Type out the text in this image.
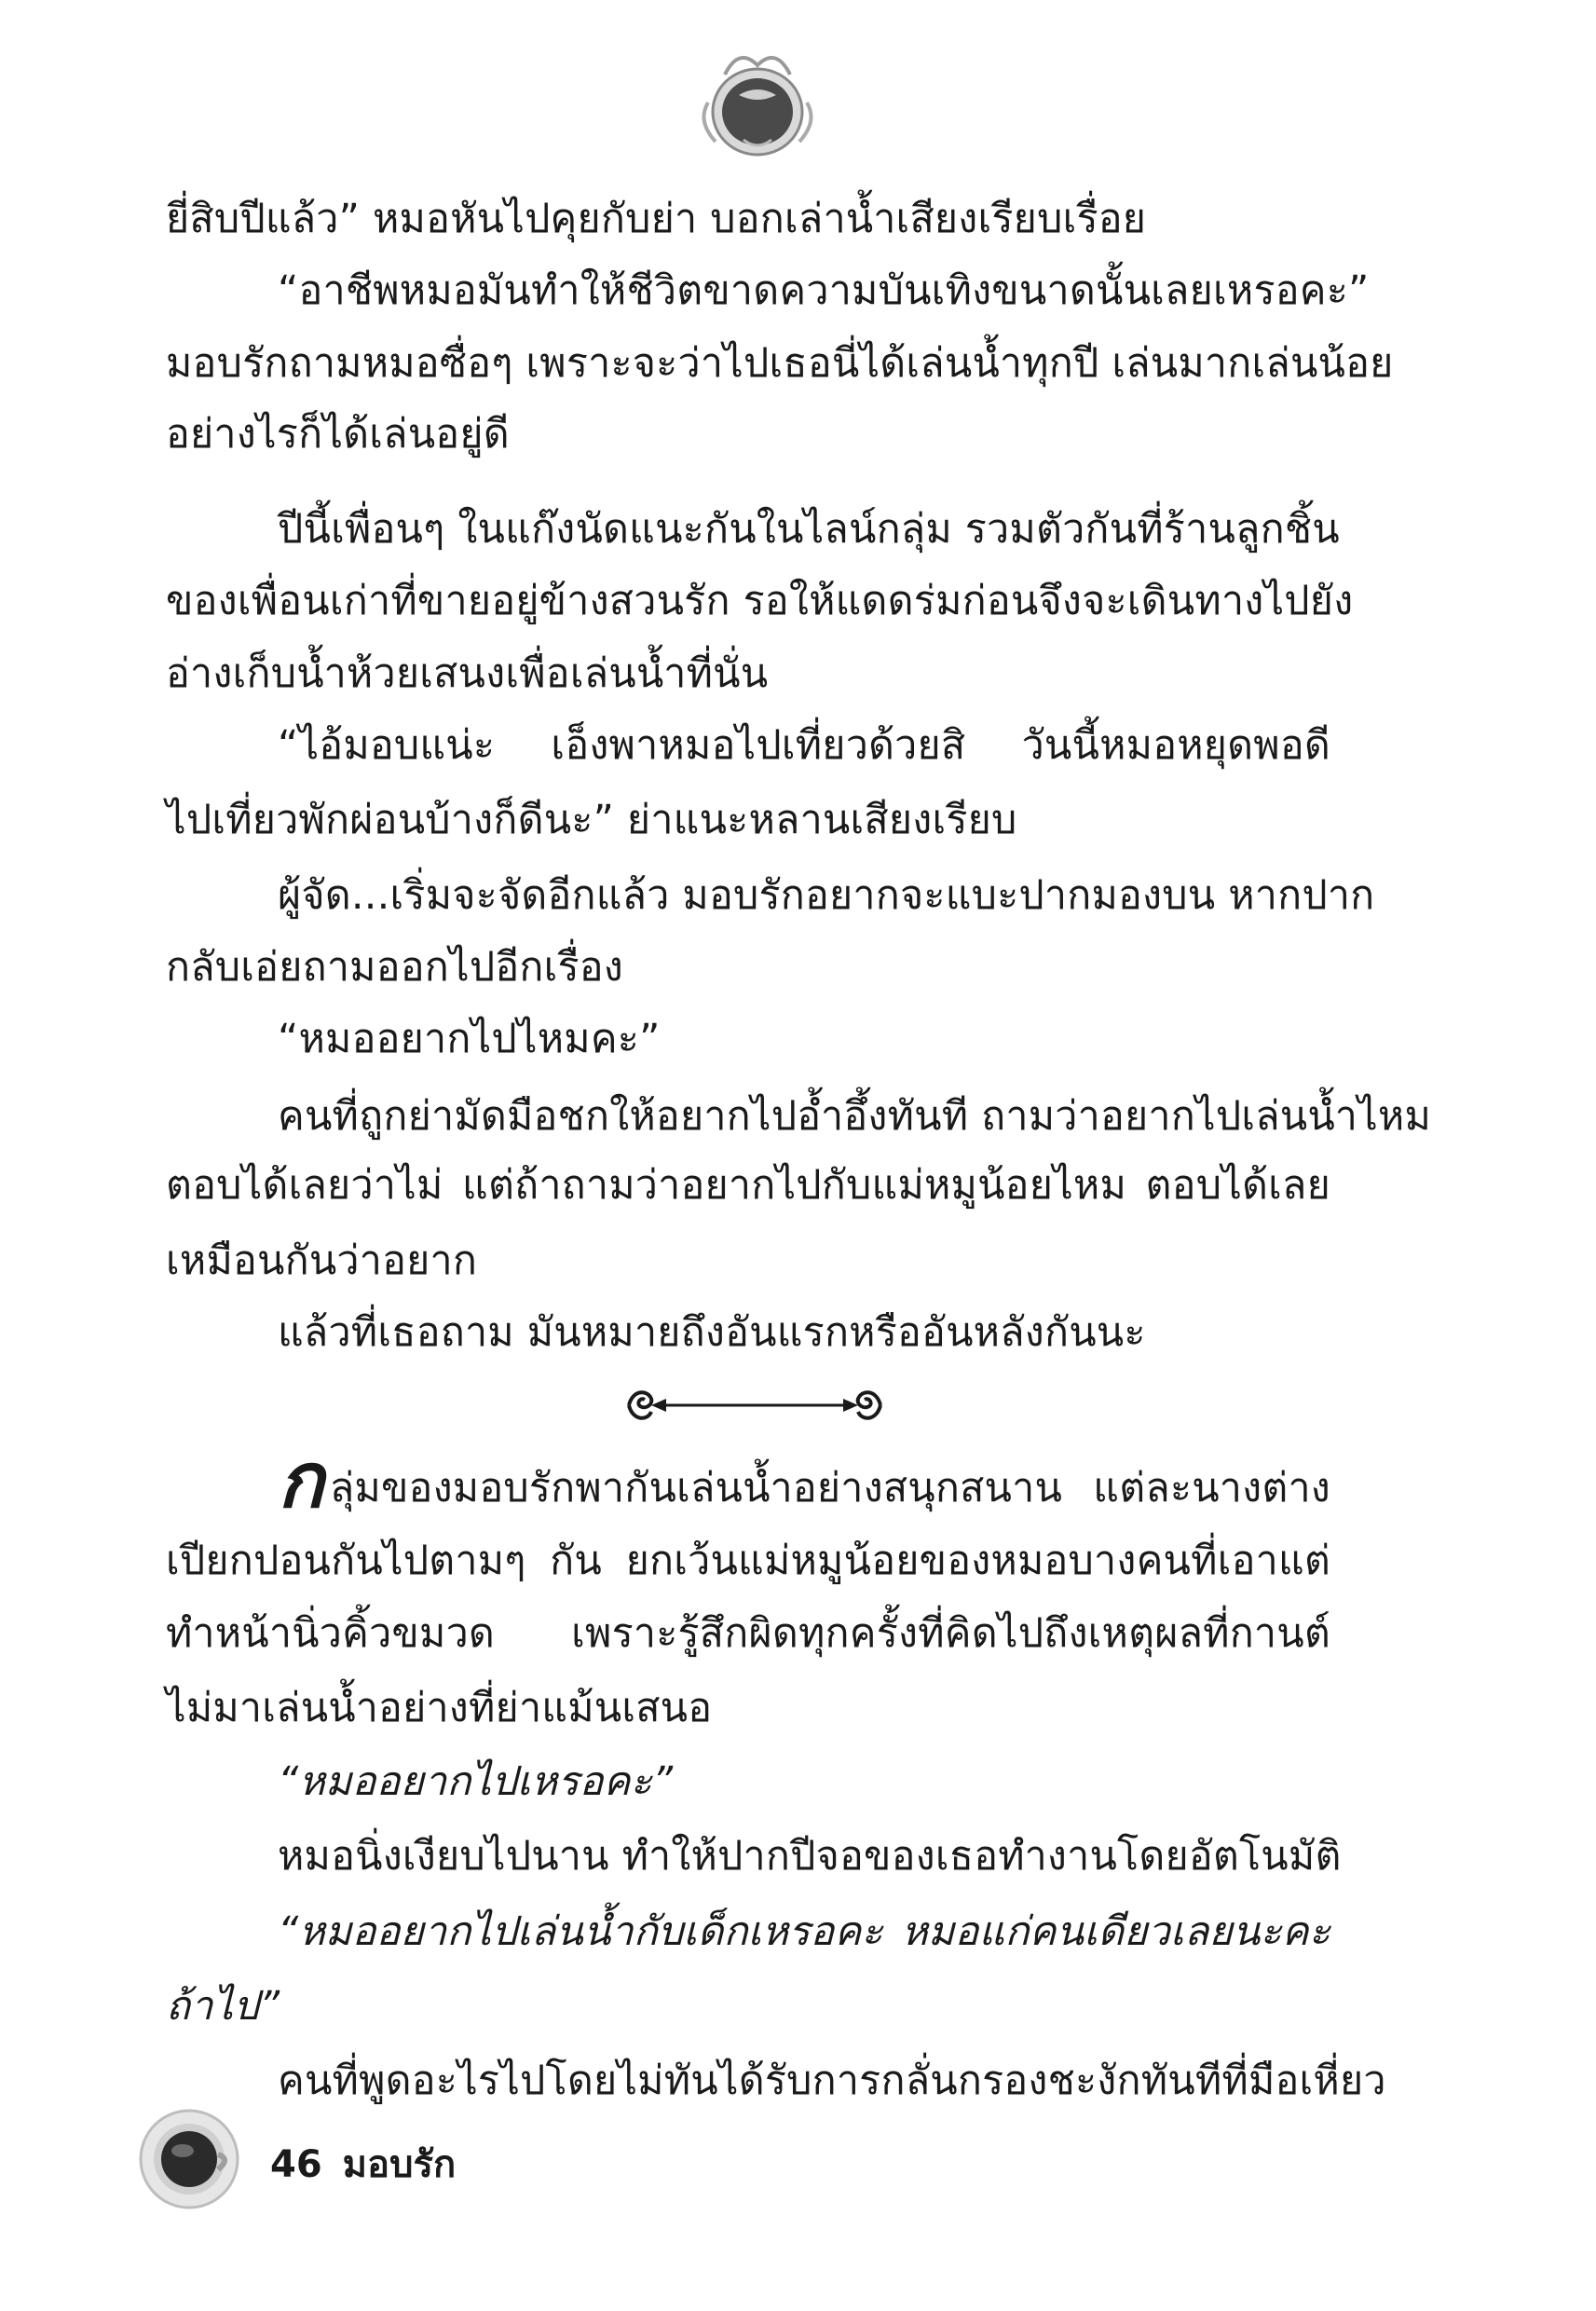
ยี่สิบปีแล้ว” หมอหันไปคุยกับย่า บอกเล่าน้ำเสียงเรียบเรื่อย
“อาชีพหมอมันทำให้ชีวิตขาดความบันเทิงขนาดนั้นเลยเหรอคะ”
มอบรักถามหมอซื่อๆ เพราะจะว่าไปเธอนี่ได้เล่นน้ำทุกปี เล่นมากเล่นน้อย
อย่างไรก็ได้เล่นอยู่ดี
ปีนี้เพื่อนๆ ในแก๊งนัดแนะกันในไลน์กลุ่ม รวมตัวกันที่ร้านลูกชิ้น
ของเพื่อนเก่าที่ขายอยู่ข้างสวนรัก รอให้แดดร่มก่อนจึงจะเดินทางไปยัง
อ่างเก็บน้ำห้วยเสนงเพื่อเล่นน้ำที่นั่น
“ไอ้มอบแน่ะ เอ็งพาหมอไปเที่ยวด้วยสิ วันนี้หมอหยุดพอดี
ไปเที่ยวพักผ่อนบ้างก็ดีนะ” ย่าแนะหลานเสียงเรียบ
ผู้จัด...เริ่มจะจัดอีกแล้ว มอบรักอยากจะแบะปากมองบน หากปาก
กลับเอ่ยถามออกไปอีกเรื่อง
“หมออยากไปไหมคะ”
คนที่ถูกย่ามัดมือชกให้อยากไปอ้ำอึ้งทันที ถามว่าอยากไปเล่นน้ำไหม
ตอบได้เลยว่าไม่ แต่ถ้าถามว่าอยากไปกับแม่หมูน้อยไหม ตอบได้เลย
เหมือนกันว่าอยาก
แล้วที่เธอถาม มันหมายถึงอันแรกหรืออันหลังกันนะ
กลุ่มของมอบรักพากันเล่นน้ำอย่างสนุกสนาน แต่ละนางต่าง
เปียกปอนกันไปตามๆ กัน ยกเว้นแม่หมูน้อยของหมอบางคนที่เอาแต่
ทำหน้านิ่วคิ้วขมวด เพราะรู้สึกผิดทุกครั้งที่คิดไปถึงเหตุผลที่กานต์
ไม่มาเล่นน้ำอย่างที่ย่าแม้นเสนอ
“หมออยากไปเหรอคะ”
หมอนิ่งเงียบไปนาน ทำให้ปากปีจอของเธอทำงานโดยอัตโนมัติ
“หมออยากไปเล่นน้ำกับเด็กเหรอคะ หมอแก่คนเดียวเลยนะคะ
ถ้าไป”
คนที่พูดอะไรไปโดยไม่ทันได้รับการกลั่นกรองชะงักทันทีที่มือเหี่ยว
46 มอบรัก
